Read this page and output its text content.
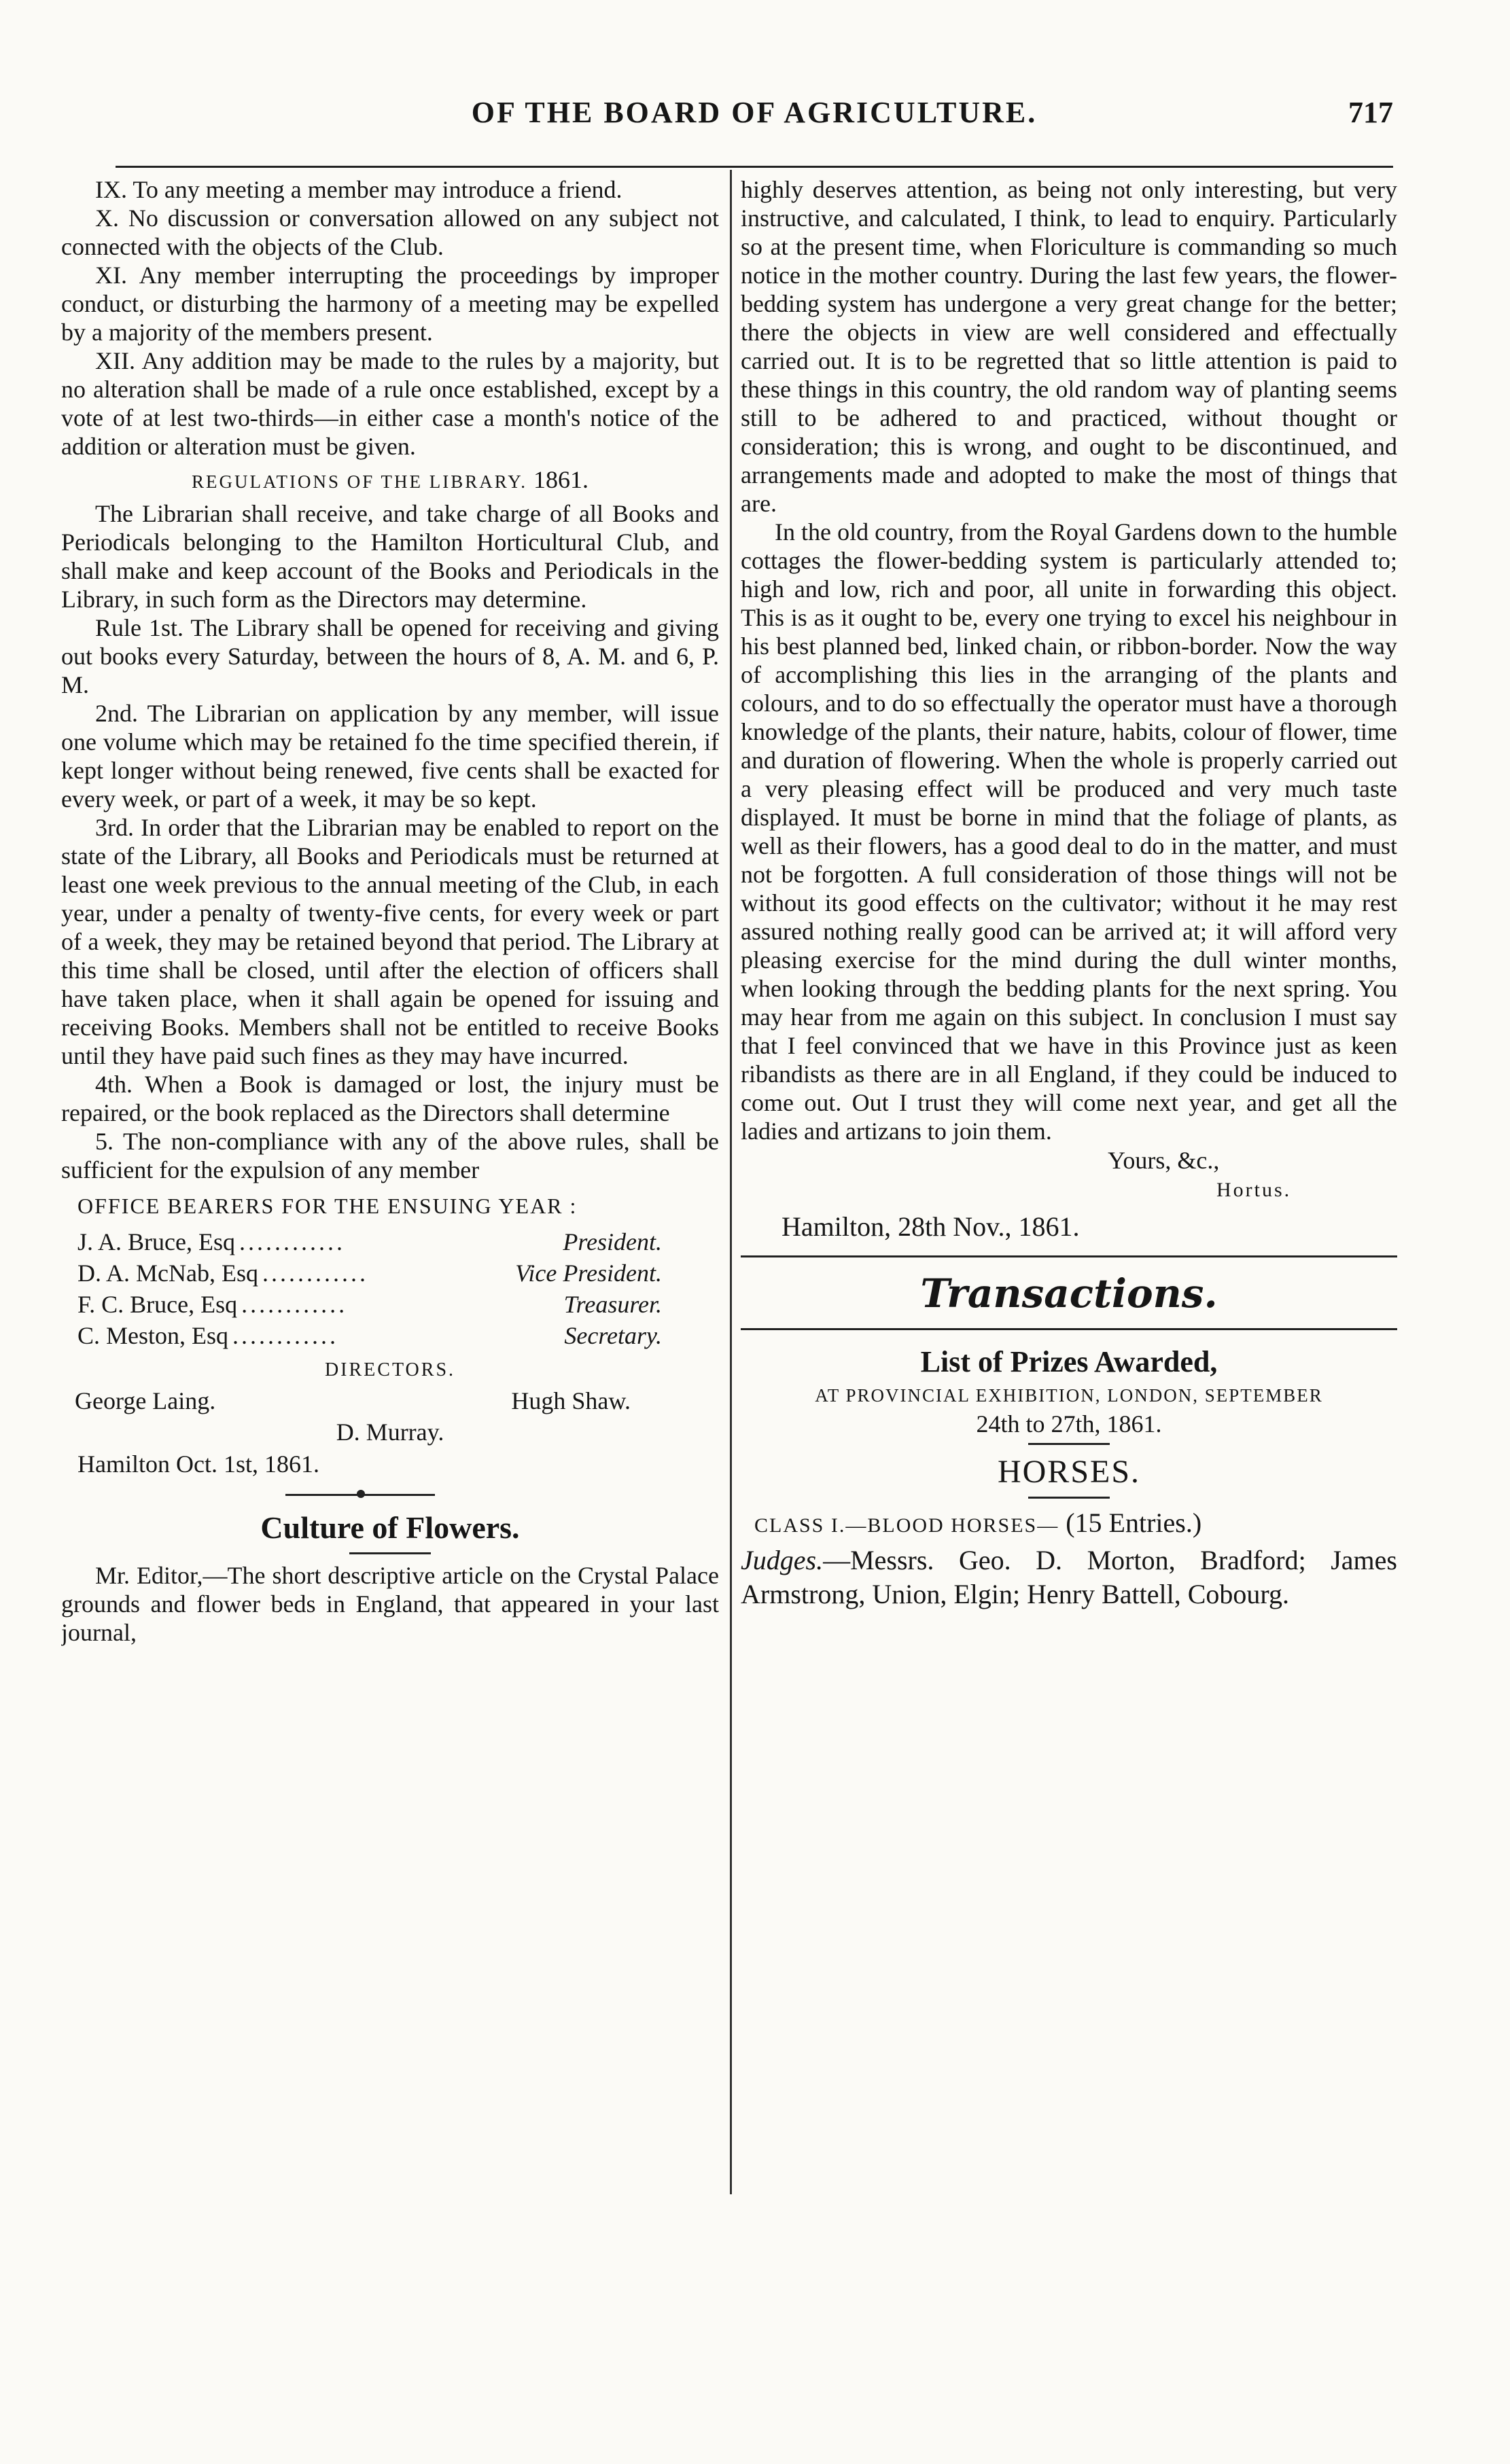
OF THE BOARD OF AGRICULTURE.	717

IX. To any meeting a member may introduce a friend.

X. No discussion or conversation allowed on any subject not connected with the objects of the Club.

XI. Any member interrupting the proceedings by improper conduct, or disturbing the harmony of a meeting may be expelled by a majority of the members present.

XII. Any addition may be made to the rules by a majority, but no alteration shall be made of a rule once established, except by a vote of at lest two-thirds—in either case a month's notice of the addition or alteration must be given.

REGULATIONS OF THE LIBRARY. 1861.

The Librarian shall receive, and take charge of all Books and Periodicals belonging to the Hamilton Horticultural Club, and shall make and keep account of the Books and Periodicals in the Library, in such form as the Directors may determine.

Rule 1st. The Library shall be opened for receiving and giving out books every Saturday, between the hours of 8, A. M. and 6, P. M.

2nd. The Librarian on application by any member, will issue one volume which may be retained fo the time specified therein, if kept longer without being renewed, five cents shall be exacted for every week, or part of a week, it may be so kept.

3rd. In order that the Librarian may be enabled to report on the state of the Library, all Books and Periodicals must be returned at least one week previous to the annual meeting of the Club, in each year, under a penalty of twenty-five cents, for every week or part of a week, they may be retained beyond that period. The Library at this time shall be closed, until after the election of officers shall have taken place, when it shall again be opened for issuing and receiving Books. Members shall not be entitled to receive Books until they have paid such fines as they may have incurred.

4th. When a Book is damaged or lost, the injury must be repaired, or the book replaced as the Directors shall determine

5. The non-compliance with any of the above rules, shall be sufficient for the expulsion of any member

OFFICE BEARERS FOR THE ENSUING YEAR :
J. A. Bruce, Esq ............	President.
D. A. McNab, Esq ............	Vice President.
F. C. Bruce, Esq ............	Treasurer.
C. Meston, Esq ............	Secretary.
DIRECTORS.
George Laing.	Hugh Shaw.
D. Murray.
Hamilton Oct. 1st, 1861.
Culture of Flowers.

Mr. Editor,—The short descriptive article on the Crystal Palace grounds and flower beds in England, that appeared in your last journal,

highly deserves attention, as being not only interesting, but very instructive, and calculated, I think, to lead to enquiry. Particularly so at the present time, when Floriculture is commanding so much notice in the mother country. During the last few years, the flower-bedding system has undergone a very great change for the better; there the objects in view are well considered and effectually carried out. It is to be regretted that so little attention is paid to these things in this country, the old random way of planting seems still to be adhered to and practiced, without thought or consideration; this is wrong, and ought to be discontinued, and arrangements made and adopted to make the most of things that are.

In the old country, from the Royal Gardens down to the humble cottages the flower-bedding system is particularly attended to; high and low, rich and poor, all unite in forwarding this object. This is as it ought to be, every one trying to excel his neighbour in his best planned bed, linked chain, or ribbon-border. Now the way of accomplishing this lies in the arranging of the plants and colours, and to do so effectually the operator must have a thorough knowledge of the plants, their nature, habits, colour of flower, time and duration of flowering. When the whole is properly carried out a very pleasing effect will be produced and very much taste displayed. It must be borne in mind that the foliage of plants, as well as their flowers, has a good deal to do in the matter, and must not be forgotten. A full consideration of those things will not be without its good effects on the cultivator; without it he may rest assured nothing really good can be arrived at; it will afford very pleasing exercise for the mind during the dull winter months, when looking through the bedding plants for the next spring. You may hear from me again on this subject. In conclusion I must say that I feel convinced that we have in this Province just as keen ribandists as there are in all England, if they could be induced to come out. Out I trust they will come next year, and get all the ladies and artizans to join them.

Yours, &c.,
Hortus.
Hamilton, 28th Nov., 1861.
Transactions.
List of Prizes Awarded,
AT PROVINCIAL EXHIBITION, LONDON, SEPTEMBER
24th to 27th, 1861.
HORSES.
CLASS I.—BLOOD HORSES— (15 Entries.)
Judges.—Messrs. Geo. D. Morton, Bradford; James Armstrong, Union, Elgin; Henry Battell, Cobourg.
